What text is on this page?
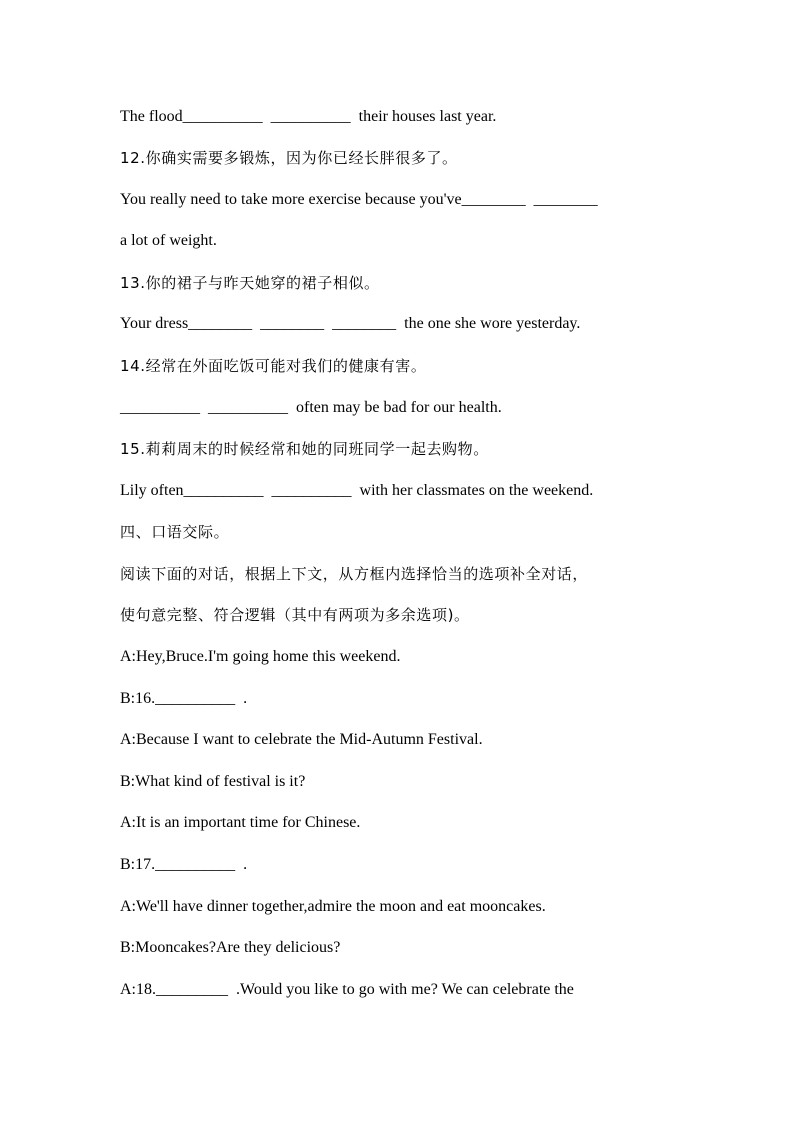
The flood__________  __________  their houses last year.
12.你确实需要多锻炼，因为你已经长胖很多了。
You really need to take more exercise because you've________  ________
a lot of weight.
13.你的裙子与昨天她穿的裙子相似。
Your dress________  ________  ________  the one she wore yesterday.
14.经常在外面吃饭可能对我们的健康有害。
__________  __________  often may be bad for our health.
15.莉莉周末的时候经常和她的同班同学一起去购物。
Lily often__________  __________  with her classmates on the weekend.
四、口语交际。
阅读下面的对话，根据上下文，从方框内选择恰当的选项补全对话，
使句意完整、符合逻辑（其中有两项为多余选项)。
A:Hey,Bruce.I'm going home this weekend.
B:16.__________  .
A:Because I want to celebrate the Mid-Autumn Festival.
B:What kind of festival is it?
A:It is an important time for Chinese.
B:17.__________  .
A:We'll have dinner together,admire the moon and eat mooncakes.
B:Mooncakes?Are they delicious?
A:18._________  .Would you like to go with me? We can celebrate the
